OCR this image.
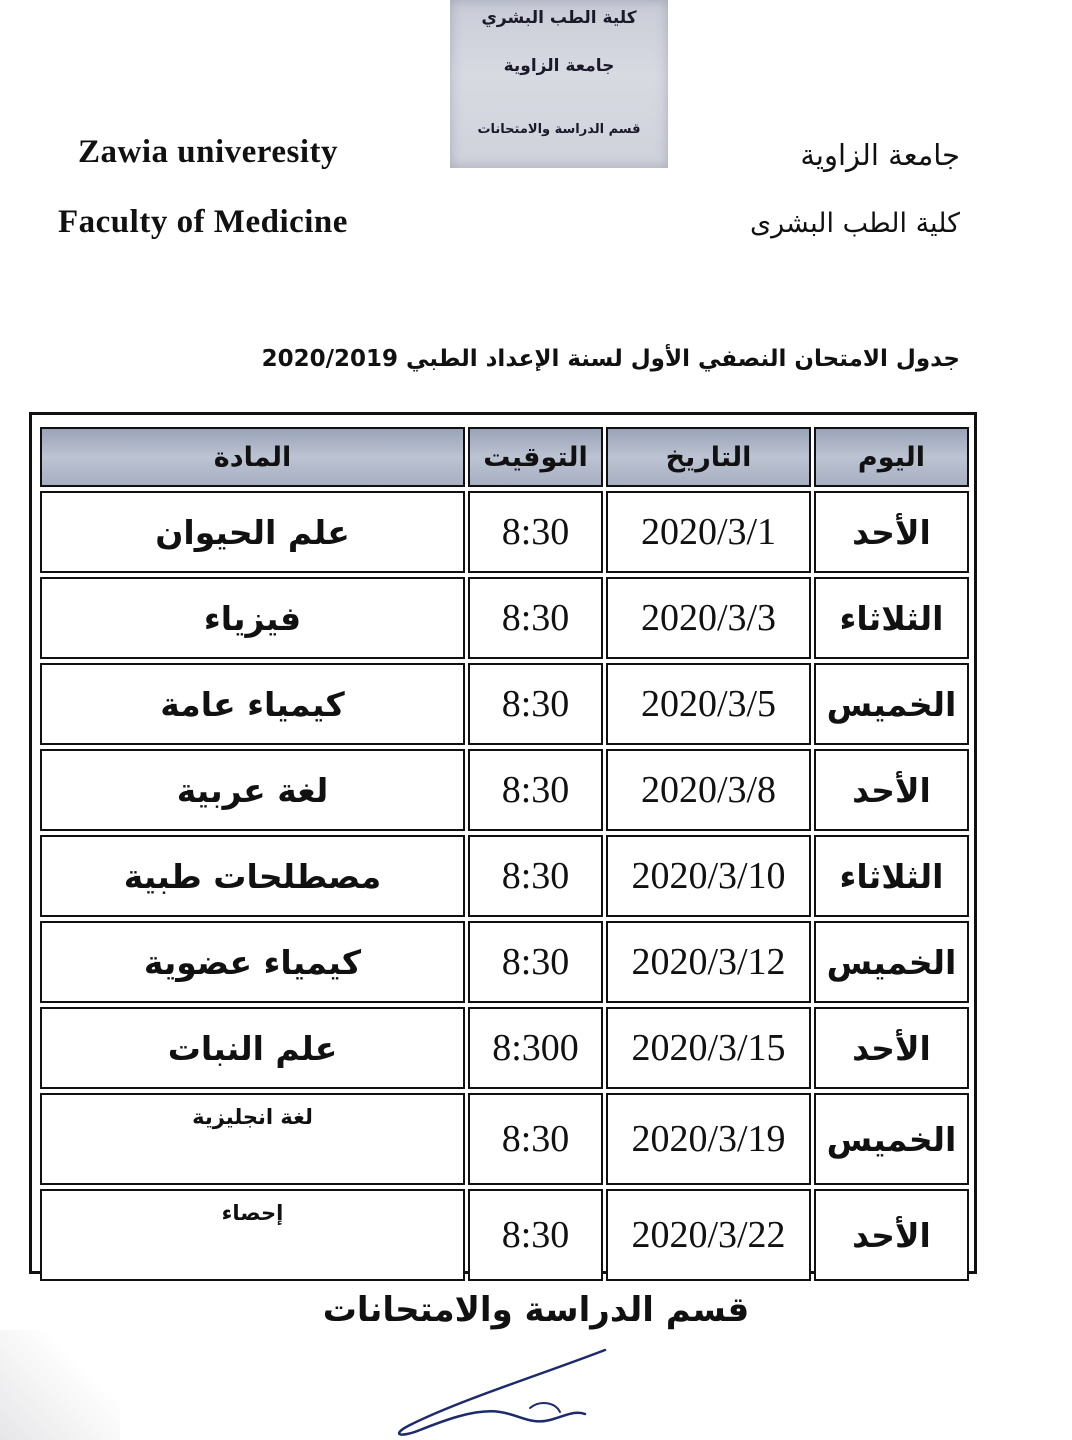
كلية الطب البشري
جامعة الزاوية
قسم الدراسة والامتحانات
Zawia univeresity
Faculty of Medicine
جامعة الزاوية
كلية الطب البشرى
جدول الامتحان النصفي الأول لسنة الإعداد الطبي 2020/2019
اليوم	التاريخ	التوقيت	المادة
الأحد	2020/3/1	8:30	علم الحيوان
الثلاثاء	2020/3/3	8:30	فيزياء
الخميس	2020/3/5	8:30	كيمياء عامة
الأحد	2020/3/8	8:30	لغة عربية
الثلاثاء	2020/3/10	8:30	مصطلحات طبية
الخميس	2020/3/12	8:30	كيمياء عضوية
الأحد	2020/3/15	8:300	علم النبات
الخميس	2020/3/19	8:30	لغة انجليزية
الأحد	2020/3/22	8:30	إحصاء
قسم الدراسة والامتحانات
